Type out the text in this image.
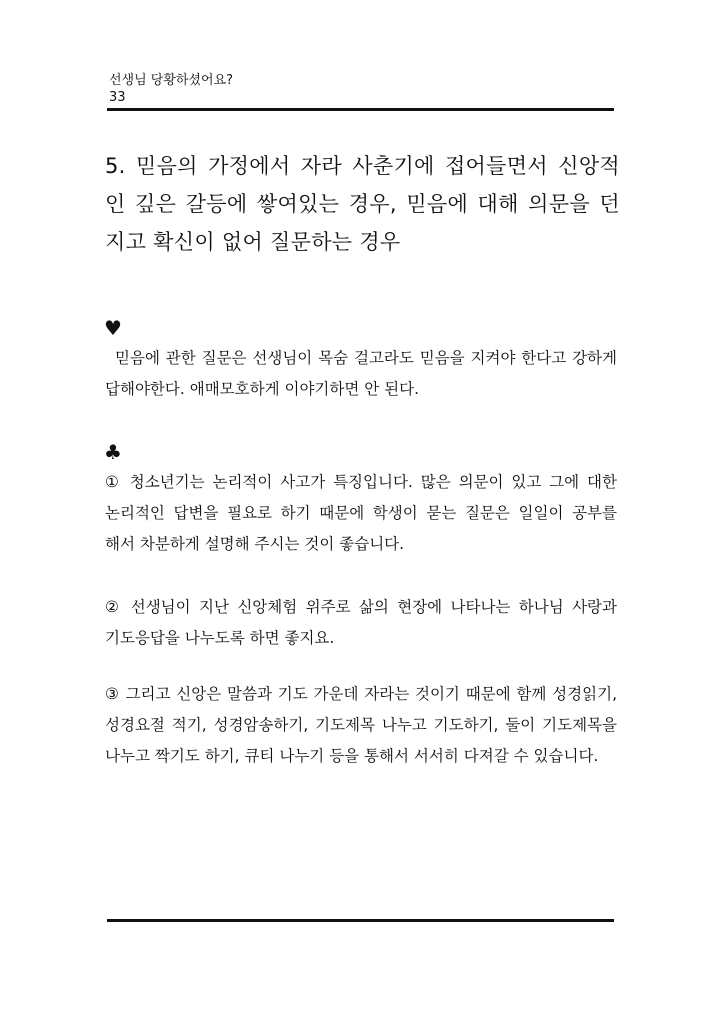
선생님 당황하셨어요?

33

5. 믿음의 가정에서 자라 사춘기에 접어들면서 신앙적인 깊은 갈등에 쌓여있는 경우, 믿음에 대해 의문을 던지고 확신이 없어 질문하는 경우

♥

믿음에 관한 질문은 선생님이 목숨 걸고라도 믿음을 지켜야 한다고 강하게 답해야한다. 애매모호하게 이야기하면 안 된다.

♣

① 청소년기는 논리적이 사고가 특징입니다. 많은 의문이 있고 그에 대한 논리적인 답변을 필요로 하기 때문에 학생이 묻는 질문은 일일이 공부를 해서 차분하게 설명해 주시는 것이 좋습니다.

② 선생님이 지난 신앙체험 위주로 삶의 현장에 나타나는 하나님 사랑과 기도응답을 나누도록 하면 좋지요.

③ 그리고 신앙은 말씀과 기도 가운데 자라는 것이기 때문에 함께 성경읽기, 성경요절 적기, 성경암송하기, 기도제목 나누고 기도하기, 둘이 기도제목을 나누고 짝기도 하기, 큐티 나누기 등을 통해서 서서히 다져갈 수 있습니다.
